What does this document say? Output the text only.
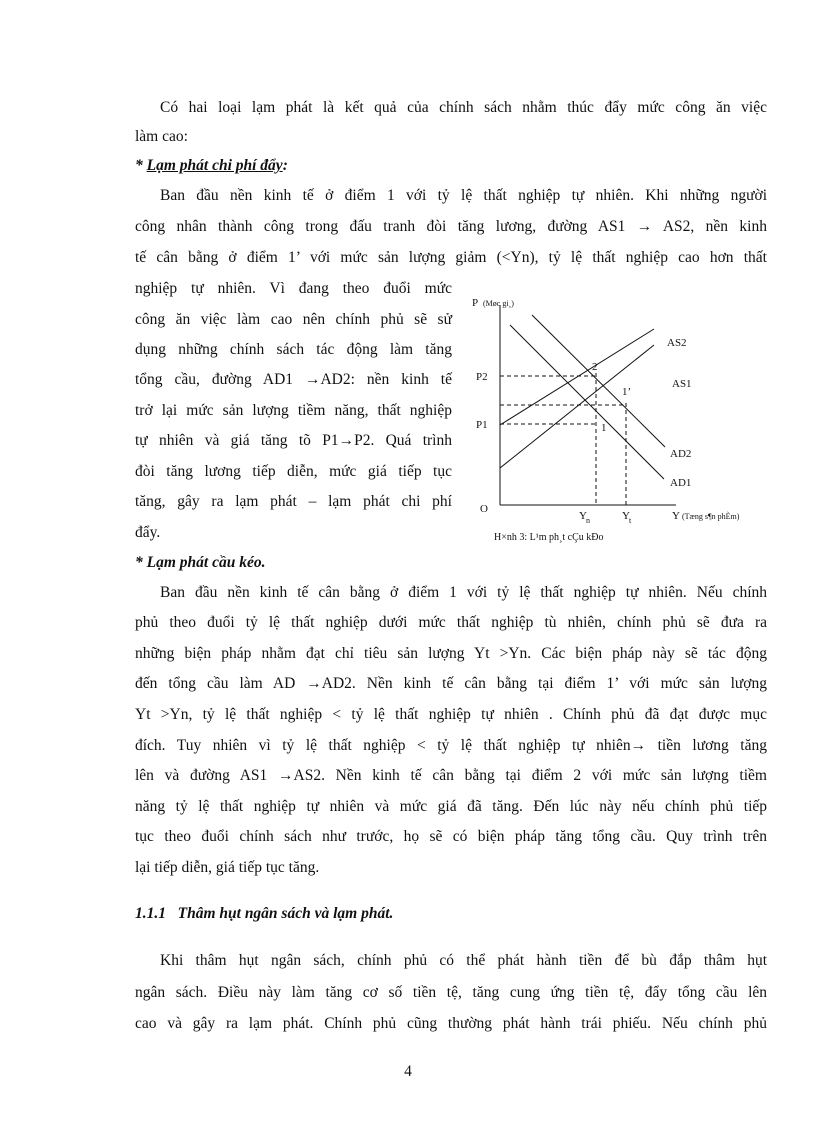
Có hai loại lạm phát là kết quả của chính sách nhằm thúc đẩy mức công ăn việc
làm cao:
* Lạm phát chi phí đẩy:
Ban đầu nền kinh tế ở điểm 1 với tỷ lệ thất nghiệp tự nhiên. Khi những người
công nhân thành công trong đấu tranh đòi tăng lương, đường AS1 → AS2, nền kinh
tế cân bằng ở điểm 1’ với mức sản lượng giảm (<Yn), tỷ lệ thất nghiệp cao hơn thất
nghiệp tự nhiên. Vì đang theo đuổi mức
công ăn việc làm cao nên chính phủ sẽ sử
dụng những chính sách tác động làm tăng
tổng cầu, đường AD1 →AD2: nền kinh tế
trở lại mức sản lượng tiềm năng, thất nghiệp
tự nhiên và giá tăng tõ P1→P2. Quá trình
đòi tăng lương tiếp diễn, mức giá tiếp tục
tăng, gây ra lạm phát – lạm phát chi phí
đẩy.
P (Møc gi¸)
O
P2
P1
Y n	Y t	Y (Tæng s¶n phÈm)
AS2
AS1
AD2
AD1
2
1’
1
H×nh 3: L¹m ph¸t cÇu kÐo
* Lạm phát cầu kéo.
Ban đầu nền kinh tế cân bằng ở điểm 1 với tỷ lệ thất nghiệp tự nhiên. Nếu chính
phủ theo đuổi tỷ lệ thất nghiệp dưới mức thất nghiệp tù nhiên, chính phủ sẽ đưa ra
những biện pháp nhằm đạt chỉ tiêu sản lượng Yt >Yn. Các biện pháp này sẽ tác động
đến tổng cầu làm AD →AD2. Nền kinh tế cân bằng tại điểm 1’ với mức sản lượng
Yt >Yn, tỷ lệ thất nghiệp < tỷ lệ thất nghiệp tự nhiên . Chính phủ đã đạt được mục
đích. Tuy nhiên vì tỷ lệ thất nghiệp < tỷ lệ thất nghiệp tự nhiên→ tiền lương tăng
lên và đường AS1 →AS2. Nền kinh tế cân bằng tại điểm 2 với mức sản lượng tiềm
năng tỷ lệ thất nghiệp tự nhiên và mức giá đã tăng. Đến lúc này nếu chính phủ tiếp
tục theo đuổi chính sách như trước, họ sẽ có biện pháp tăng tổng cầu. Quy trình trên
lại tiếp diễn, giá tiếp tục tăng.
1.1.1   Thâm hụt ngân sách và lạm phát.
Khi thâm hụt ngân sách, chính phủ có thể phát hành tiền để bù đắp thâm hụt
ngân sách. Điều này làm tăng cơ số tiền tệ, tăng cung ứng tiền tệ, đẩy tổng cầu lên
cao và gây ra lạm phát. Chính phủ cũng thường phát hành trái phiếu. Nếu chính phủ
4
